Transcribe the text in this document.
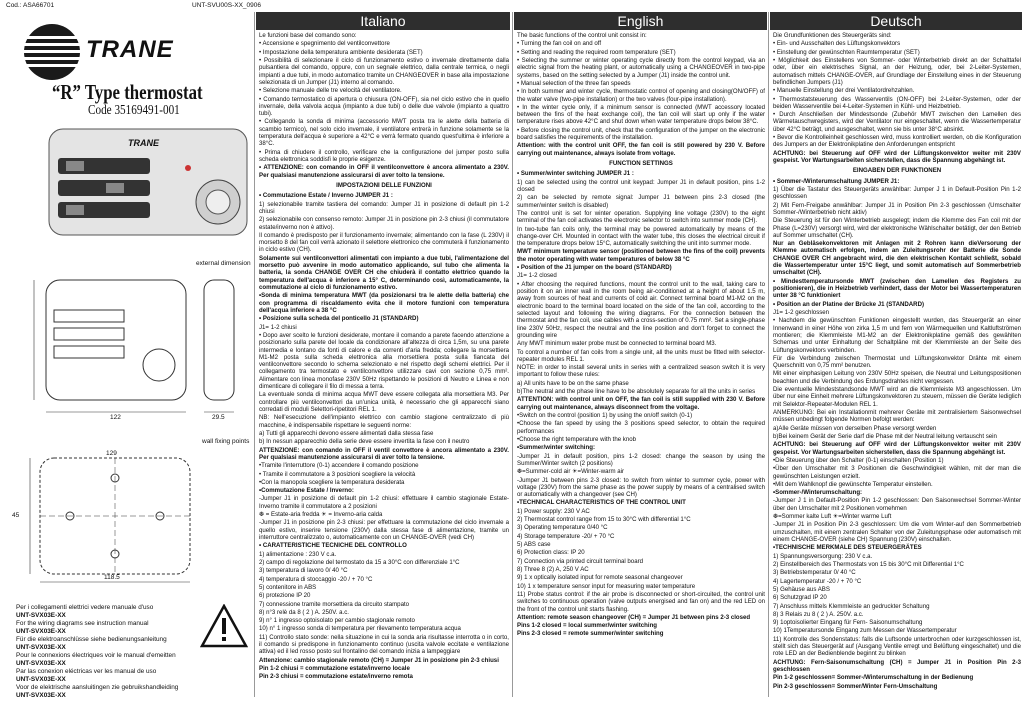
Cod.: ASA66701	UNT-SVU00S-XX_0906
TRANE
“R” Type thermostat
Code 35169491-001
TRANE
external dimension
122	29.5
wall fixing points
129
118.5
45
Per i collegamenti elettrici vedere manuale d'uso
UNT-SVX03E-XX
For the wiring diagrams see instruction manual
UNT-SVX03E-XX
Für die elektroanschlüsse siehe bedienungsanleitung
UNT-SVX03E-XX
Pour le connexions électriques voir le manual d'emeitten
UNT-SVX03E-XX
Par las conexion eléctricas ver les manual de uso
UNT-SVX03E-XX
Voor de elektrische aansluitingen zie gebruikshandleiding
UNT-SVX03E-XX
Italiano

Le funzioni base del comando sono:

• Accensione e spegnimento del ventilconvettore

• Impostazione della temperatura ambiente desiderata (SET)

• Possibilità di selezionare il ciclo di funzionamento estivo o invernale direttamente dalla pulsantiera del comando, oppure, con un segnale elettrico, dalla centrale termica, o negli impianti a due tubi, in modo automatico tramite un CHANGEOVER in base alla impostazione selezionata di un Jumper (J1) interno al comando.

• Selezione manuale delle tre velocità del ventilatore.

• Comando termostatico di apertura o chiusura (ON-OFF), sia nel ciclo estivo che in quello invernale, della valvola acqua (impianto a due tubi) o delle due valvole (impianto a quattro tubi).

• Collegando la sonda di minima (accessorio MWT posta tra le alette della batteria di scambio termico), nel solo ciclo invernale, il ventilatore entrerà in funzione solamente se la temperatura dell'acqua è superiore a 42°C e verrà fermato quando quest'ultima è inferiore a 38°C.

• Prima di chiudere il controllo, verificare che la configurazione del jumper posto sulla scheda elettronica soddisfi le proprie esigenze.

• ATTENZIONE: con comando in OFF il ventilconvettore è ancora alimentato a 230V. Per qualsiasi manutenzione assicurarsi di aver tolto la tensione.

IMPOSTAZIONI DELLE FUNZIONI

• Commutazione Estate / Inverno JUMPER J1 :

1) selezionabile tramite tastiera del comando: Jumper J1 in posizione di default pin 1-2 chiusi

2) selezionabile con consenso remoto: Jumper J1 in posizione pin 2-3 chiusi (il commutatore estate/inverno non è attivo).

Il comando è predisposto per il funzionamento invernale; alimentando con la fase (L 230V) il morsetto 8 del fan coil verrà azionato il selettore elettronico che commuterà il funzionamento in ciclo estivo (CH).

Solamente sui ventilconvettori alimentati con impianto a due tubi, l'alimentazione del morsetto può avvenire in modo automatico applicando, sul tubo che alimenta la batteria, la sonda CHANGE OVER CH che chiuderà il contatto elettrico quando la temperatura dell'acqua è inferiore a 15° C, determinando così, automaticamente, la commutazione al ciclo di funzionamento estivo.

•Sonda di minima temperatura MWT (da posizionarsi tra le alette della batteria) che con programma di riscaldamento evita che il motore funzioni con temperatura dell'acqua inferiore a 38 °C

• Posizione sulla scheda del ponticello J1 (STANDARD)

J1= 1-2 chiusi

• Dopo aver scelto le funzioni desiderate, montare il comando a parete facendo attenzione a posizionarlo sulla parete del locale da condizionare all'altezza di circa 1,5m, su una parete intermedia e lontano da fonti di calore e da correnti d'aria fredda; collegare la morsettiera M1-M2 posta sulla scheda elettronica alla morsettiera posta sulla fiancata del ventilconvettore secondo lo schema selezionato e nel rispetto degli schemi elettrici. Per il collegamento tra termostato e ventilconvettore utilizzare cavi con sezione 0,75 mm². Alimentare con linea monofase 230V 50Hz rispettando le posizioni di Neutro e Linea e non dimenticare di collegare il filo di messa a terra.

La eventuale sonda di minima acqua MWT deve essere collegata alla morsettiera M3. Per controllare più ventilconvettori da un'unica unità, è necessario che gli apparecchi siano corredati di moduli Selettori-ripetitori REL 1.

NB: Nell'esecuzione dell'impianto elettrico con cambio stagione centralizzato di più macchine, è indispensabile rispettare le seguenti norme:

a) Tutti gli apparecchi devono essere alimentati dalla stessa fase

b) In nessun apparecchio della serie deve essere invertita la fase con il neutro

ATTENZIONE: con comando in OFF il ventil convettore è ancora alimentato a 230V. Per qualsiasi manutenzione assicurarsi di aver tolto la tensione.

•Tramite l'interruttore (0-1) accendere il comando posizione

• Tramite il commutatore a 3 posizioni scegliere la velocità

•Con la manopola scegliere la temperatura desiderata

•Commutazione Estate / Inverno:

-Jumper J1 in posizione di default pin 1-2 chiusi: effettuare il cambio stagionale Estate-Inverno tramite il commutatore a 2 posizioni

❆ = Estate-aria fredda ☀ = Inverno-aria calda

-Jumper J1 in posizione pin 2-3 chiusi: per effettuare la commutazione del ciclo invernale a quello estivo, inserire tensione (230V) dalla stessa fase di alimentazione, tramite un interruttore centralizzato o, automaticamente con un CHANGE-OVER (vedi CH)

• CARATTERISTICHE TECNICHE DEL CONTROLLO

1) alimentazione : 230 V c.a.

2) campo di regolazione del termostato da 15 a 30°C con differenziale 1°C

3) temperatura di lavoro 0/ 40 °C

4) temperatura di stoccaggio -20 / + 70 °C

5) contenitore in ABS

6) protezione IP 20

7) connessione tramite morsettiera da circuito stampato

8) n°3 relè da 8 ( 2 ) A. 250V. a.c.

9) n° 1 ingresso optoisolato per cambio stagionale remoto

10) n° 1 ingresso sonda di temperatura per rilevamento temperatura acqua

11) Controllo stato sonde: nella situazione in cui la sonda aria risultasse interrotta o in corto, il comando si predispone in funzionamento continuo (uscita valvole eccitate e ventilazione attiva) ed il led rosso posto sul frontalino del comando inizia a lampeggiare

Attenzione: cambio stagionale remoto (CH) = Jumper J1 in posizione pin 2-3 chiusi

Pin 1-2 chiusi = commutazione estate/inverno locale

Pin 2-3 chiusi = commutazione estate/inverno remota

English

The basic functions of the control unit consist in:

• Turning the fan coil on and off

• Setting and reading the required room temperature (SET)

• Selecting the summer or winter operating cycle directly from the control keypad, via an electric signal from the heating plant, or automatically using a CHANGEOVER in two-pipe systems, based on the setting selected by a Jumper (J1) inside the control unit.

• Manual selection of the three fan speeds

• In both summer and winter cycle, thermostatic control of opening and closing(ON/OFF) of the water valve (two-pipe installation) or the two valves (four-pipe installation).

• In the winter cycle only, if a minimum sensor is connected (MWT accessory located between the fins of the heat exchange coil), the fan coil will start up only if the water temperature rises above 42°C and shut down when water temperature drops below 38°C.

• Before closing the control unit, check that the configuration of the jumper on the electronic board satisfies the requirements of the installation.

Attention: with the control unit OFF, the fan coil is still powered by 230 V. Before carrying out maintenance, always isolate from voltage.

FUNCTION SETTINGS

• Summer/winter switching JUMPER J1 :

1) can be selected using the control unit keypad: Jumper J1 in default position, pins 1-2 closed

2) can be selected by remote signal: Jumper J1 between pins 2-3 closed (the summer/winter switch is disabled)

The control unit is set for winter operation. Supplying line voltage (230V) to the eight terminal of the fan coil activates the electronic selector to switch into summer mode (CH).

In two-tube fan coils only, the terminal may be powered automatically by means of the change-over CH. Mounted in contact with the water tube, this closes the electrical circuit if the temperature drops below 15°C, automatically switching the unit into summer mode.

MWT minimum temperature sensor (positioned between the fins of the coil) prevents the motor operating with water temperatures of below 38 °C

• Position of the J1 jumper on the board (STANDARD)

J1= 1-2 closed

• After choosing the required functions, mount the control unit to the wall, taking care to position it on an inner wall in the room being air-conditioned at a height of about 1.5 m, away from sources of heat and currents of cold air. Connect terminal board M1-M2 on the electronic board to the terminal board located on the side of the fan coil, according to the selected layout and following the wiring diagrams. For the connection between the thermostat and the fan coil, use cables with a cross-section of 0.75 mm². Set a single-phase line 230V 50Hz, respect the neutral and the line position and don't forget to connect the grounding wire

Any MWT minimum water probe must be connected to terminal board M3.

To control a number of fan coils from a single unit, all the units must be fitted with selector-repeater modules REL 1.

NOTE: in order to install several units in series with a centralized season switch it is very important to follow these rules:

a) All units have to be on the same phase

b)The neutral and the phase line have to be absolutely separate for all the units in series

ATTENTION: with control unit on OFF, the fan coil is still supplied with 230 V. Before carrying out maintenance, always disconnect from the voltage.

•Switch on the control (position 1) by using the on/off switch (0-1)

•Choose the fan speed by using the 3 positions speed selector, to obtain the required performances

•Choose the right temperature with the knob

•Summer/winter switching:

-Jumper J1 in default position, pins 1-2 closed: change the season by using the Summer/Winter switch (2 positions)

❆=Summer-cold air ☀=Winter-warm air

-Jumper J1 between pins 2-3 closed: to switch from winter to summer cycle, power with voltage (230V) from the same phase as the power supply by means of a centralised switch or automatically with a changeover (see CH)

•TECHNICAL CHARACTERISTICS OF THE CONTROL UNIT

1) Power supply: 230 V AC

2) Thermostat control range from 15 to 30°C with differential 1°C

3) Operating temperature 0/40 °C

4) Storage temperature -20/ + 70 °C

5) ABS case

6) Protection class: IP 20

7) Connection via printed circuit terminal board

8) Three 8 (2) A, 250 V AC

9) 1 x optically isolated input for remote seasonal changeover

10) 1 x temperature sensor input for measuring water temperature

11) Probe status control: if the air probe is disconnected or short-circuited, the control unit switches to continuous operation (valve outputs energised and fan on) and the red LED on the front of the control unit starts flashing.

Attention: remote season changeover (CH) = Jumper J1 between pins 2-3 closed

Pins 1-2 closed = local summer/winter switching

Pins 2-3 closed = remote summer/winter switching

Deutsch

Die Grundfunktionen des Steuergeräts sind:

• Ein- und Ausschalten des Lüftungskonvektors

• Einstellung der gewünschten Raumtemperatur (SET)

• Möglichkeit des Einstellens von Sommer- oder Winterbetrieb direkt an der Schalttafel oder, über ein elektrisches Signal, an der Heizung, oder, bei 2-Leiter-Systemen, automatisch mittels CHANGE-OVER, auf Grundlage der Einstellung eines in der Steuerung befindlichen Jumpers (J1)

• Manuelle Einstellung der drei Ventilatordrehzahlen.

• Thermostatsteuerung des Wasserventils (ON-OFF) bei 2-Leiter-Systemen, oder der beiden Wasserventile bei 4-Leiter-Systemen in Kühl- und Heizbetrieb.

• Durch Anschließen der Mindestsonde (Zubehör MWT zwischen den Lamellen des Wärmetauschwregisters, wird der Ventilator nur eingeschaltet, wenn die Wassertemperatur über 42°C beträgt, und ausgeschaltet, wenn sie bis unter 38°C absinkt.

• Bevor die Kontrolleinheit geschlossen wird, muss kontrolliert werden, ob die Konfiguration des Jumpers an der Elektronikplatine den Anforderungen entspricht

ACHTUNG: bei Steuerung auf OFF wird der Lüftungskonvektor weiter mit 230V gespeist. Vor Wartungsarbeiten sicherstellen, dass die Spannung abgehängt ist.

EINGABEN DER FUNKTIONEN

• Sommer-/Winterumschaltung JUMPER J1:

1) Über die Tastatur des Steuergeräts anwählbar: Jumper J 1 in Default-Position Pin 1-2 geschlossen

2) Mit Fern-Freigabe anwählbar: Jumper J1 in Position Pin 2-3 geschlossen (Umschalter Sommer-/Winterbetrieb nicht aktiv)

Die Steuerung ist für den Winterbetrieb ausgelegt; indem die Klemme des Fan coil mit der Phase (L=230V) versorgt wird, wird der elektronische Wählschalter betätigt, der den Betrieb auf Sommer umschaltet (CH).

Nur an Gebläsekonvektoren mit Anlagen mit 2 Rohren kann dieVersorung der Klemme automatisch erfolgen, indem an Zuleitungsrohr der Batterie die Sonde CHANGE OVER CH angebracht wird, die den elektrischen Kontakt schließt, sobald die Wassertemperatur unter 15°C liegt, und somit automatisch auf Sommerbetrieb umschaltet (CH).

• Mindesttemperatursonde MWT (zwischen den Lamellen des Registers zu positionieren), die in Heizbetrieb verhindert, dass der Motor bei Wassertemperaturen unter 38 °C funktioniert

• Position an der Platine der Brücke J1 (STANDARD)

J1= 1-2 geschlossen

• Nachdem die gewünschten Funktionen eingestellt wurden, das Steuergerät an einer Innenwand in einer Höhe von zirka 1,5 m und fern von Wärmequellen und Kaltluftströmen montieren; die Klemmleiste M1-M2 an der Elektronikplatine gemäß des gewählten Schemas und unter Einhaltung der Schaltpläne mit der Klemmleiste an der Seite des Lüftungskonvektors verbinden.

Für die Verbindung zwischen Thermostat und Lüftungskonvektor Drähte mit einem Querschnitt von 0,75 mm² benutzen.

Mit einer einphasigen Leitung von 230V 50Hz speisen, die Neutral und Leitungspositionen beachten und die Verbindung des Erdungsdrahtes nicht vergessen.

Die eventuelle Mindeststandsonde MWT wird an die Klemmleiste M3 angeschlossen. Um über nur eine Einheit mehrere Lüftungskonvektoren zu steuern, müssen die Geräte lediglich mit Selektor-Repeater-Modulen REL 1.

ANMERKUNG: Bei ein Installationmit mehrerer Geräte mit zentralisiertem Saisonwechsel müssen unbedingt folgende Normen befolgt werden:

a)Alle Geräte müssen von derselben Phase versorgt werden

b)Bei keinem Gerät der Serie darf die Phase mit der Neutral leitung vertauscht sein

ACHTUNG: bei Steuerung auf OFF wird der Lüftungskonvektor weiter mit 230V gespeist. Vor Wartungsarbeiten sicherstellen, dass die Spannung abgehängt ist.

•Die Steuerung über den Schalter (0-1) einschalten (Position 1)

•Über den Umschalter mit 3 Positionen die Geschwindigkeit wählen, mit der man die gewünschten Leistungen erzielt.

•Mit dem Wahlknopf die gewünschte Temperatur einstellen.

•Sommer-/Winterumschaltung:

-Jumper J 1 in Default-Position Pin 1-2 geschlossen: Den Saisonwechsel Sommer-Winter über den Umschalter mit 2 Positionen vornehmen

❆=Sommer kalte Luft ☀=Winter warme Luft

-Jumper J1 in Position Pin 2-3 geschlossen: Um die vom Winter-auf den Sommerbetrieb umzuschalten, mit einem zentralen Schalter von der Zuleitungsphase oder automatisch mit einem CHANGE-OVER (siehe CH) Spannung (230V) einschalten.

•TECHNISCHE MERKMALE DES STEUERGERÄTES

1) Spannungsversorgung: 230 V c.a.

2) Einstellbereich des Thermostats von 15 bis 30°C mit Differential 1°C

3) Betriebstemperatur 0/ 40 °C

4) Lagertemperatur -20 / + 70 °C

5) Gehäuse aus ABS

6) Schutzgrad IP 20

7) Anschluss mittels Klemmleiste an gedruckter Schaltung

8) 3 Relais zu 8 ( 2 ) A. 250V. a.c.

9) 1optoisolierter Eingang für Fern- Saisonumschaltung

10) 1Temperatursonde Eingang zum Messen der Wassertemperatur

11) Kontrolle des Sondenstatus: falls die Luftsonde unterbrochen oder kurzgeschlossen ist, stellt sich das Steuergerät auf (Ausgang Ventile erregt und Belüftung eingeschaltet) und die rote LED an der Bedienblende beginnt zu blinken

ACHTUNG: Fern-Saisonumschaltung (CH) = Jumper J1 in Position Pin 2-3 geschlossen

Pin 1-2 geschlossen= Sommer-/Winterumschaltung in der Bedienung

Pin 2-3 geschlossen= Sommer/Winter Fern-Umschaltung
